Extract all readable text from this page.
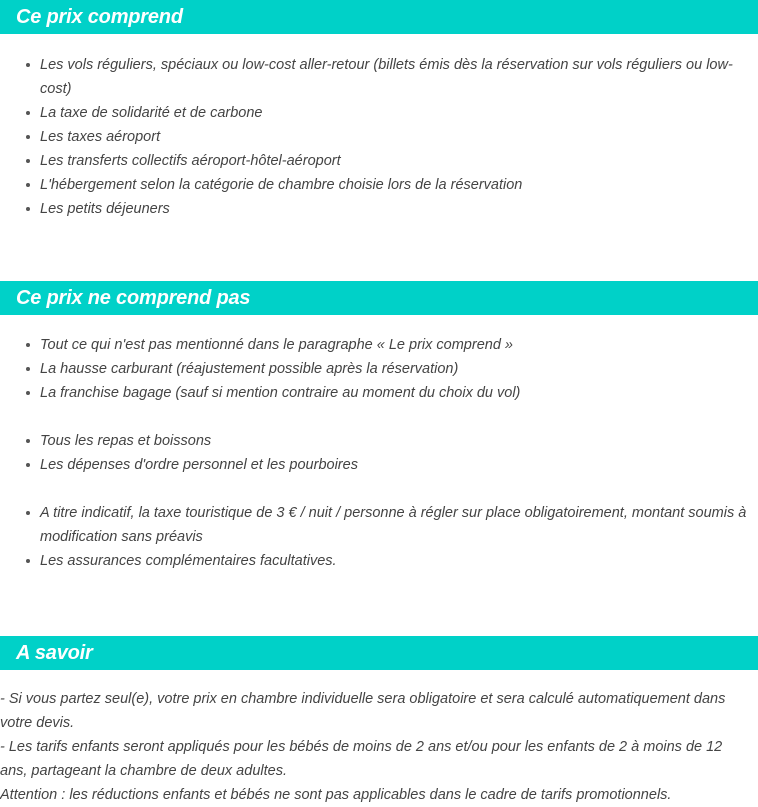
Ce prix comprend
Les vols réguliers, spéciaux ou low-cost aller-retour (billets émis dès la réservation sur vols réguliers ou low-cost)
La taxe de solidarité et de carbone
Les taxes aéroport
Les transferts collectifs aéroport-hôtel-aéroport
L'hébergement selon la catégorie de chambre choisie lors de la réservation
Les petits déjeuners
Ce prix ne comprend pas
Tout ce qui n'est pas mentionné dans le paragraphe « Le prix comprend »
La hausse carburant (réajustement possible après la réservation)
La franchise bagage (sauf si mention contraire au moment du choix du vol)
Tous les repas et boissons
Les dépenses d'ordre personnel et les pourboires
A titre indicatif, la taxe touristique de 3 € / nuit / personne à régler sur place obligatoirement, montant soumis à modification sans préavis
Les assurances complémentaires facultatives.
A savoir

- Si vous partez seul(e), votre prix en chambre individuelle sera obligatoire et sera calculé automatiquement dans votre devis.

- Les tarifs enfants seront appliqués pour les bébés de moins de 2 ans et/ou pour les enfants de 2 à moins de 12 ans, partageant la chambre de deux adultes.

Attention : les réductions enfants et bébés ne sont pas applicables dans le cadre de tarifs promotionnels.
